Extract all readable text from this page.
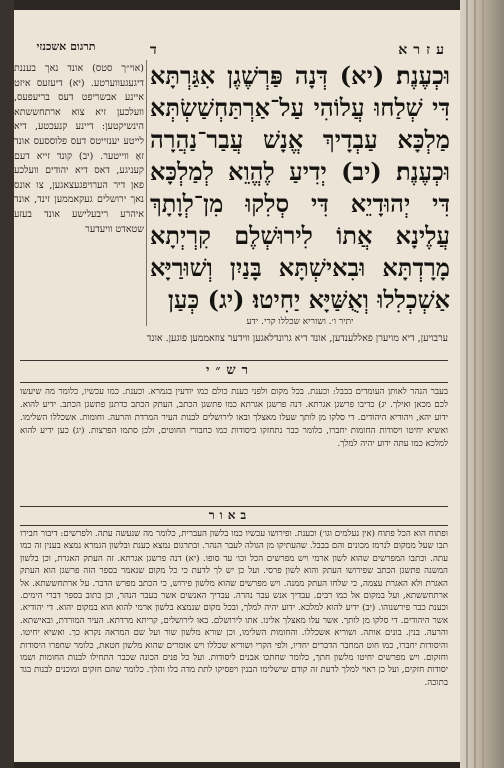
תרגום אשכנזי	עזרא
ד
וּכְעֶנֶת׃ (יא) דְּנָה פַּרְשֶׁגֶן אִגַּרְתָּא דִּי שְׁלַחוּ עֲלוֹהִי עַל־אַרְתַּחְשַׁשְׂתְּא מַלְכָּא עַבְדָיךְ אֱנָשׁ עֲבַר־נַהֲרָה וּכְעֶנֶת׃ (יב) יְדִיעַ לֶהֱוֵא לְמַלְכָּא דִּי יְהוּדָיֵא דִּי סְלִקוּ מִן־לְוָתָךְ עֲלֶינָא אֲתוֹ לִירוּשְׁלֶם קִרְיְתָא מָרָדְתָּא וּבִאישְׁתָּא בָּנַיִן וְשׁוּרַיָּא אַשְׁכְלִלוּ וְאֻשַּׁיָּא יַחִיטוּ׃ (יג) כְּעַן
(אוי״ך סטס) אונד נאך בעננת דיגעגעווערטע. (יא) דיעזעס איזט איינע אבשריפט דעס בריעפעס, וועלכען זיא צוא ארתחששתא הינשיקטען: דיינע קנעכטע, דיא לייטע יענזייטס דעס פלוססעס אונד זאָ ווייטער. (יב) קונד זייא דעם קעניגע, דאס דיא יהודים וועלכע פאן דיר הערויפגעצאגען, צו אונס נאך ירושלים געקאממען זינד, אונד איהרע ריבעלישע אונד בעזע שטאדט וויעדער
יתיר ו׳. ושוריא שכללו קרי. ידע
ערבויען, דיא מויערן פאללענדען, אונד דיא גרונדלאגען ווידער צוזאממען פוגען. אונד
רש״י
בעבר הנהר לאותן העומדים בבבל: וכענת. בכל מקום ולפני כענת כולם כמו יודעין בגמרא. וכענת. כמו עכשיו, כלומר מה שיעשו לכם מכאן ואילך. יג) כדיבו פרשגן אגרתא. דנה פרשגן אגרתא כמו פתשגן הכתב, העתק הכתב כדתנן פתשגן הכתב. ידיע להוא. ידוע יהא, ויהודיא היהודים. די סלקו מן לותך שעלו מאצלך ובאו לירושלים לבנות העיר המרדת והרעה. וחומות. אשכללו השלימו. ואשיא יחיטו ויסודות החומות יחברו, כלומר כבר נתחזקו ביסודות כמו כחבורי החוטים, ולכן סתמו הפרצות. (יג) כען ידיע להוא למלכא כמו עתה ידוע יהיה למלך.
באור
ופתוח הוא הכל פתוח (אין נעלמים וגו׳) וכענת. ופירושו עכשיו כמו בלשון העברית, כלומר מה שנעשה עתה. ולפרשים: דיבור חבירו תבו שעל ממקום לנרמז מכונים והם בבבל. שהעתיקו מן הגולה לעבר הנהר. ובתרגום נמצא כענת ובלשון הגמרא נמצא בענין זה כמו עתה. וכתבו המפרשים שהוא לשון ארמי ויש מפרשים הכל וכו׳ עד סופו. (יא) דנה פרשגן אגרתא. זה העתק האגרת, וכן בלשון המשנה פתשגן הכתב שפירושו העתק והוא לשון פרסי. ועל כן יש לך לדעת כי כל מקום שנאמר בספר הזה פרשגן הוא העתק האגרת ולא האגרת עצמה, כי שלחו העתק ממנה. ויש מפרשים שהוא מלשון פירוש, כי הכתב מפרש הדבר. על ארתחששתא. אל ארתחששתא, ועל במקום אל כמו רבים. עבדיך אנש עבר נהרה. עבדיך האנשים אשר בעבר הנהר, וכן כתוב בספר דברי הימים. וכענת כבר פירשנוהו. (יב) ידיע להוא למלכא. ידוע יהיה למלך, ובכל מקום שנמצא בלשון ארמי להוא הוא במקום יהוא. די יהודיא. אשר היהודים. די סלקו מן לותך. אשר עלו מאצלך אלינו. אתו לירושלם. באו לירושלים, קריתא מרדתא. העיר המורדת, ובאישתא. והרעה. בנין. בונים אותה. ושוריא אשכללו. והחומות השלימו, וכן שורא מלשון שור ועל שם המראה נקרא כך. ואשיא יחיטו. והיסודות יחברו, כמו חוט המחבר הדברים יחדיו, ולפי הקרי ושוריא שכללו ויש אומרים שהוא מלשון חטאת, כלומר שחפרו היסודות וחזקום. ויש מפרשים יחיטו מלשון חתך, כלומר שחתכו אבנים ליסודות. ועל כל פנים הכונה שכבר התחילו לבנות החומות ושמו יסודות חזקים, ועל כן ראוי למלך לדעת זה קודם שישלימו הבנין ויפסיקו לתת מדה בלו והלך. כלומר שהם חזקים ומוכנים לבנות בגד בתוכה.
